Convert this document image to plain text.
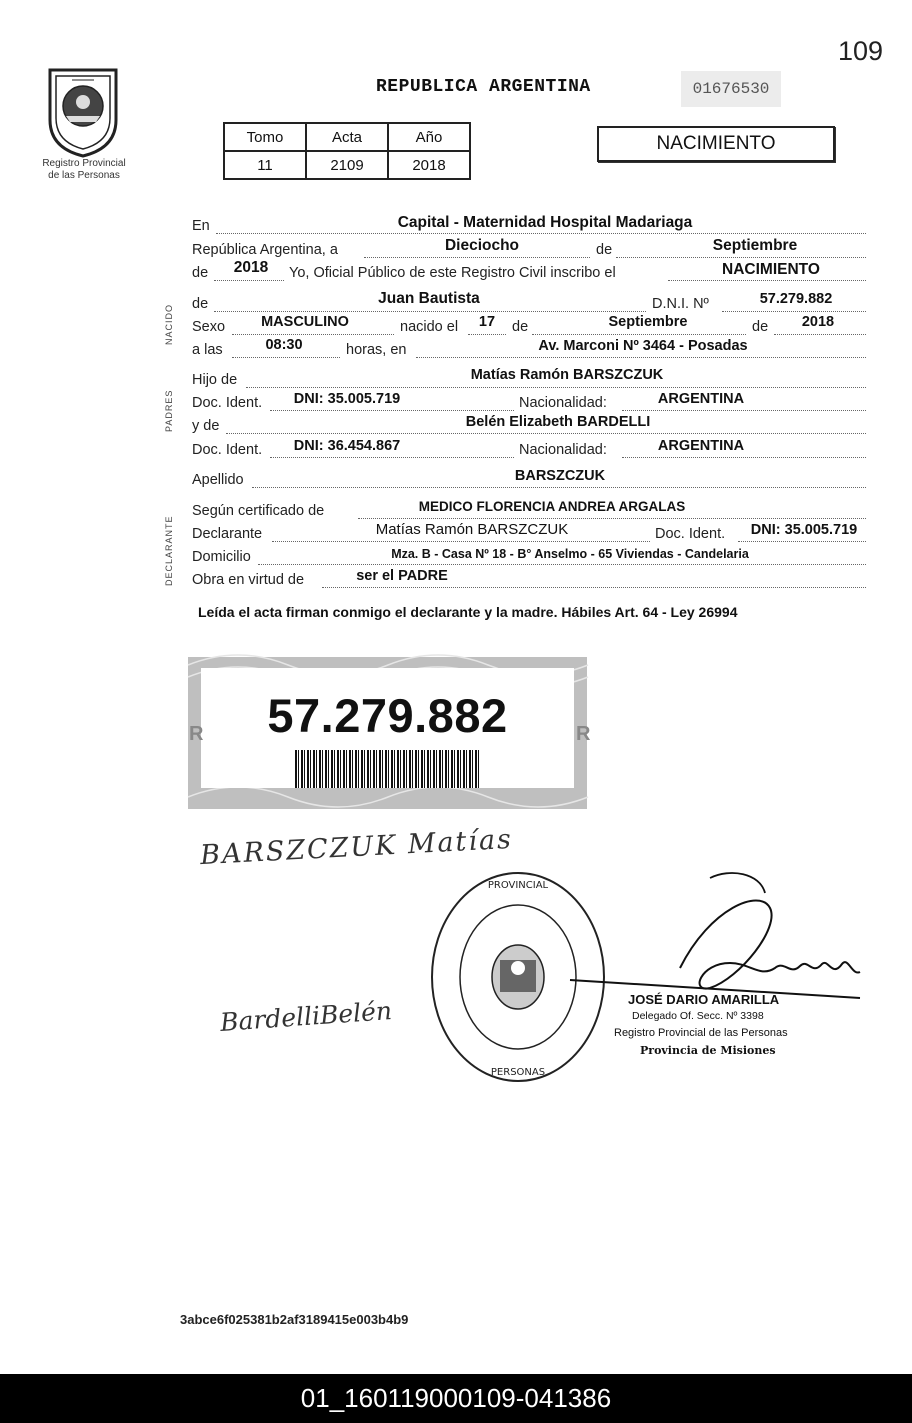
109
Registro Provincial
de las Personas
REPUBLICA ARGENTINA	01676530
Tomo	Acta	Año
11	2109	2018
NACIMIENTO
NACIDO
PADRES
DECLARANTE
En	Capital - Maternidad Hospital Madariaga
República Argentina, a	Dieciocho	de	Septiembre
de	2018	Yo, Oficial Público de este Registro Civil inscribo el	NACIMIENTO
de	Juan Bautista	D.N.I. Nº	57.279.882
Sexo	MASCULINO	nacido el	17	de	Septiembre	de	2018
a las	08:30	horas, en	Av. Marconi Nº 3464 - Posadas
Hijo de	Matías Ramón BARSZCZUK
Doc. Ident.	DNI: 35.005.719	Nacionalidad:	ARGENTINA
y de	Belén Elizabeth BARDELLI
Doc. Ident.	DNI: 36.454.867	Nacionalidad:	ARGENTINA
Apellido	BARSZCZUK
Según certificado de	MEDICO FLORENCIA ANDREA ARGALAS
Declarante	Matías Ramón BARSZCZUK	Doc. Ident.	DNI: 35.005.719
Domicilio	Mza. B - Casa Nº 18 - B° Anselmo - 65 Viviendas - Candelaria
Obra en virtud de	ser el PADRE
Leída el acta firman conmigo el declarante y la madre. Hábiles Art. 64 - Ley 26994
57.279.882
R	R
BARSZCZUK Matías
BardelliBelén
PROVINCIAL
PERSONAS
JOSÉ DARIO AMARILLA
Delegado Of. Secc. Nº 3398
Registro Provincial de las Personas
Provincia de Misiones
3abce6f025381b2af3189415e003b4b9
01_160119000109-041386
